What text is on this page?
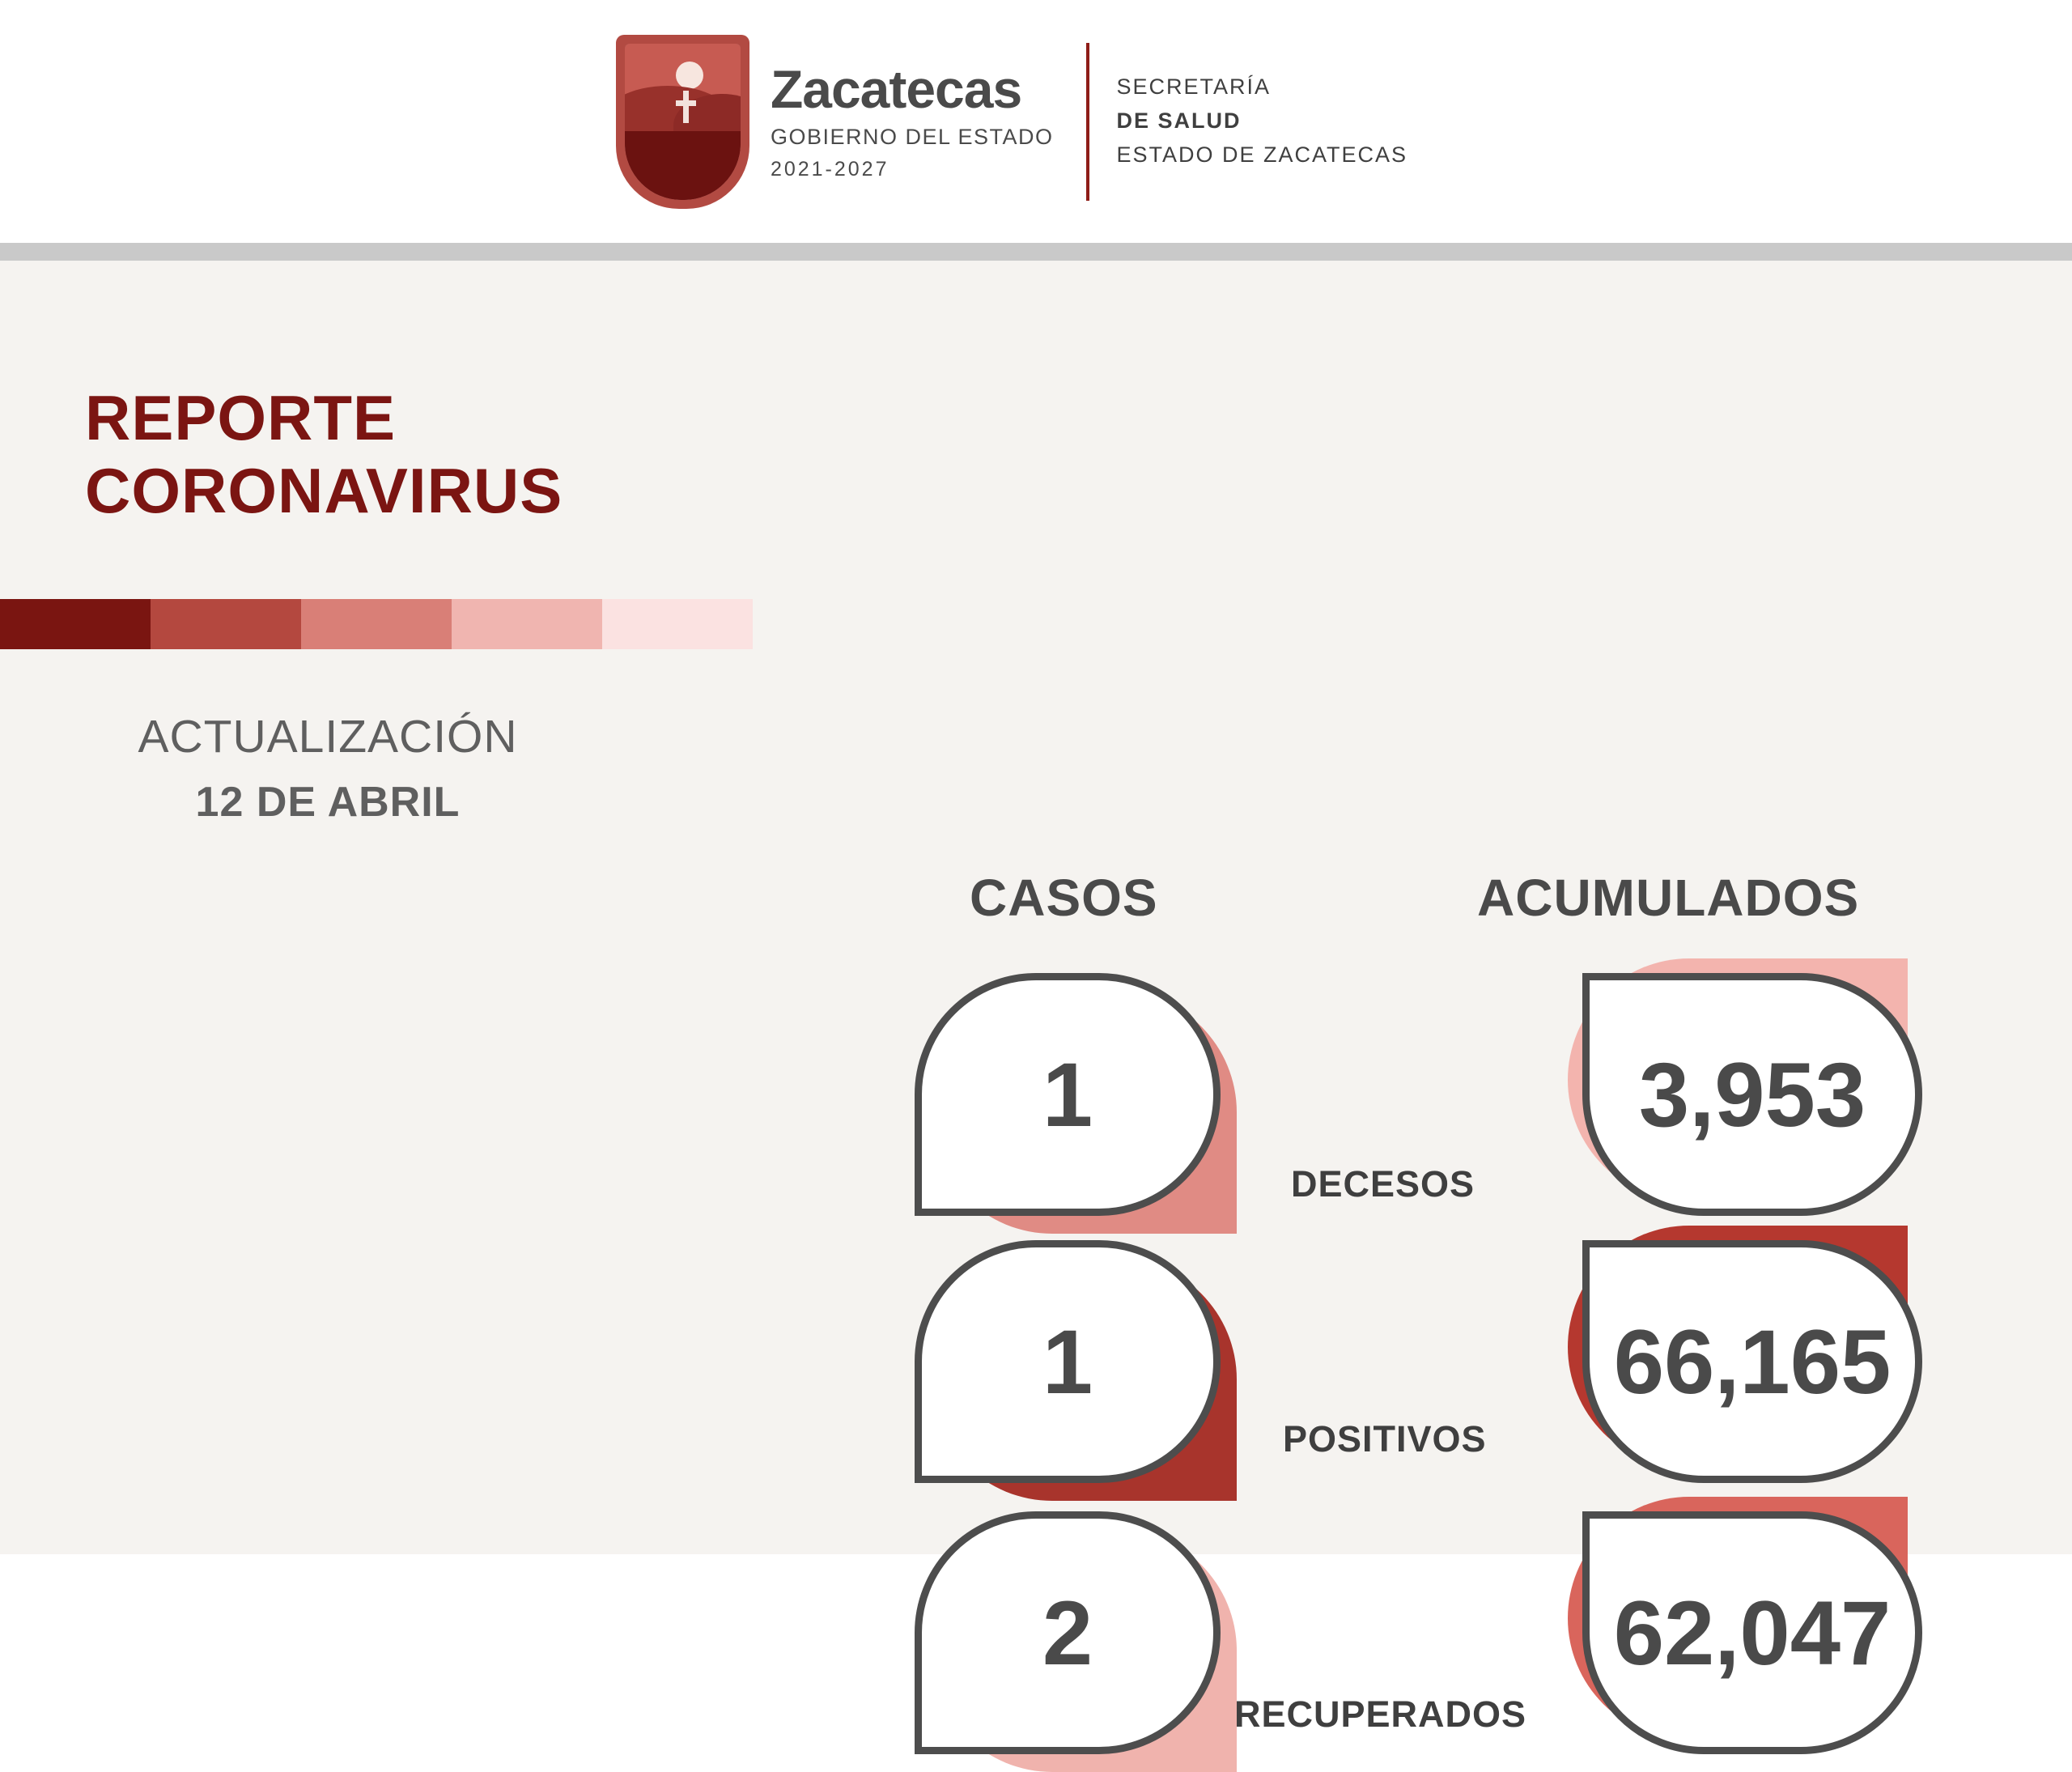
Zacatecas
GOBIERNO DEL ESTADO
2021-2027
SECRETARÍA
DE SALUD
ESTADO DE ZACATECAS
REPORTE
CORONAVIRUS
ACTUALIZACIÓN
12 DE ABRIL
CASOS	ACUMULADOS
1
DECESOS
3,953
1
POSITIVOS
66,165
2
RECUPERADOS
62,047
